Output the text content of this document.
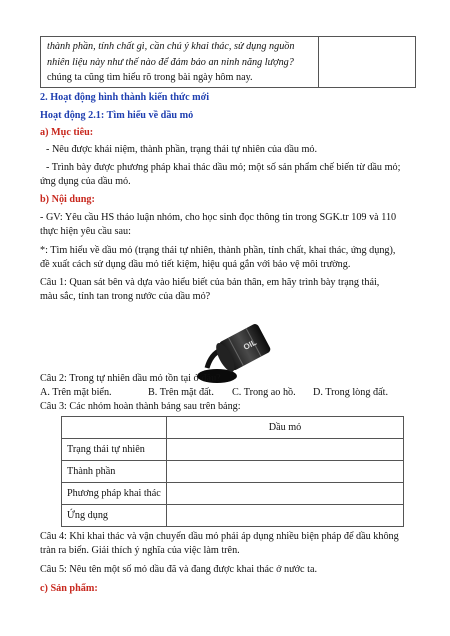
thành phần, tính chất gì, cần chú ý khai thác, sử dụng nguồn
nhiên liệu này như thế nào để đảm bảo an ninh năng lượng?
chúng ta cũng tìm hiểu rõ trong bài ngày hôm nay.
2. Hoạt động hình thành kiến thức mới
Hoạt động 2.1: Tìm hiểu về dầu mỏ
a) Mục tiêu:
- Nêu được khái niệm, thành phần, trạng thái tự nhiên của dầu mỏ.
- Trình bày được phương pháp khai thác dầu mỏ; một số sản phẩm chế biến từ dầu mỏ;
ứng dụng của dầu mỏ.
b) Nội dung:
- GV: Yêu cầu HS thảo luận nhóm, cho học sinh đọc thông tin trong SGK.tr 109 và 110
thực hiện yêu cầu sau:
*: Tìm hiểu về dầu mỏ (trạng thái tự nhiên, thành phần, tính chất, khai thác, ứng dụng),
đề xuất cách sử dụng dầu mỏ tiết kiệm, hiệu quả gắn với bảo vệ môi trường.
Câu 1: Quan sát bên và dựa vào hiểu biết của bản thân, em hãy trình bày trạng thái,
màu sắc, tính tan trong nước của dầu mỏ?
OIL
Câu 2: Trong tự nhiên dầu mỏ tồn tại ở đâu?
A. Trên mặt biển.	B. Trên mặt đất. C. Trong ao hồ. D. Trong lòng đất.
Câu 3: Các nhóm hoàn thành bảng sau trên bảng:
	Dầu mỏ
Trạng thái tự nhiên	
Thành phần	
Phương pháp khai thác	
Ứng dụng	
Câu 4: Khi khai thác và vận chuyển dầu mỏ phải áp dụng nhiều biện pháp để dầu không
tràn ra biển. Giải thích ý nghĩa của việc làm trên.
Câu 5: Nêu tên một số mỏ dầu đã và đang được khai thác ở nước ta.
c) Sản phẩm:
